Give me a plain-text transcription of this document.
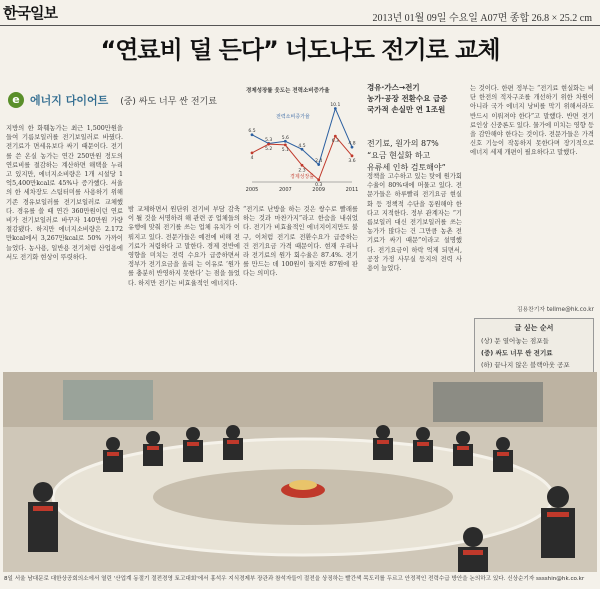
한국일보	2013년 01월 09일 수요일 A07면 종합 26.8 × 25.2 cm
“연료비 덜 든다” 너도나도 전기로 교체
e 에너지 다이어트 (중) 싸도 너무 싼 전기료
지방의 한 화훼농가는 최근 1,500만원을 들여 기름보일러를 전기보일러로 바꿨다. 전기료가 면세유보다 싸기 때문이다. 전기를 쓴 온실 농가는 연간 250만원 정도의 연료비를 절감하는 계산하면 해택을 누리고 있지만, 에너지소비량은 1개 시설당 1억5,400만kcal로 45%나 증가했다. 서울의 한 세차장도 스팀터미를 사용하기 위해 기존 경유보일러를 전기보일러로 교체했다. 경유를 쓸 때 연간 360만원이던 연료비가 전기보일러로 바꾸자 140만원 가량 절감됐다. 하지만 에너지소비량은 2.172만kcal에서 3,267만kcal로 50% 가까이 늘었다. 농사용, 일반용 전기처럼 산업용에서도 전기화 현상이 뚜렷하다.
경제성장률 웃도는 전력소비증가율
6.5
5.3 5.6
4.5
2.4
10.1
4.8
4
5.2 5.1
2.3
0.3
6.3
3.6
2005	2007	2009	2011
전력소비증가율
경제성장률
밤 교체하면서 원단위 전기비 부담 감축이 될 것을 서명하려 해 관련 공 업체들의 유행에 맞춰 전기를 쓰는 업체 유치가 이 뤄지고 있다. 전문가들은 예전에 비해 전기료가 저렴하다 고 말한다. 경제 전반에 영향을 미치는 전력 수요가 급증하면서 정부가 전기요금을 올리 는 이유로 ‘원가를 충분히 반영하지 못한다’ 는 점을 들었다. 하지만 전기는 비효율적인 에너지다.
“전기로 난방을 하는 것은 쌍수로 빨래를 하는 것과 마찬가지”라고 한숨을 내쉬었다. 전기가 비효율적인 에너지이지만도 불구, 이처럼 전기로 전환수요가 급증하는 건 전기요금 가격 때문이다. 현재 우리나라 전기료의 원가 회수율은 87.4%. 전기를 만드는 데 100원이 들지만 87원에 판다는 의미다.
경유·가스→전기
농가·공장 전환수요 급증
국가적 손실만 연 1조원
전기료, 원가의 87%
“요금 현실화 하고
유류세 인하 검토해야”
정책을 고수하고 있는 탓에 원가회수율이 80%대에 머물고 있다. 전문가들은 하루빨리 전기요금 현실화 등 정책적 수단을 동원해야 한다고 지적한다. 정부 관계자는 “기름보일러 대신 전기보일러를 쓰는 농가가 많다는 건 그만큼 농촌 전기료가 싸기 때문”이라고 설명했다. 전기요금이 하락 억제 되면서, 공장 가정 사무실 등지의 전력 사용이 늘었다.
는 것이다. 한편 정부는 “전기료 현실화는 비단 한전의 적자구조를 개선하기 위한 차원이 아니라 국가 에너지 낭비를 막기 위해서라도 반드시 이뤄져야 한다”고 말했다. 반면 전기료인상 신중론도 있다. 물가에 미치는 영향 등을 감안해야 한다는 것이다. 전문가들은 가격 신호 기능이 작동하지 못한다며 장기적으로 에너지 세제 개편이 필요하다고 말했다.
김용찬기자 tellme@hk.co.kr
글 싣는 순서
(상) 문 열어놓는 점포들
(중) 싸도 너무 싼 전기료
(하) 끝나지 않은 블랙아웃 공포
8일 서울 남대문로 대한상공회의소에서 열린 '산업계 동절기 절전경영 토고대회'에서 홍석우 지식경제부 장관과 참석자들이 절전을 상징하는 빨간색 목도리를 두르고 안정적인 전력수급 방안을 논의하고 있다. 신상순기자 sssshin@hk.co.kr
